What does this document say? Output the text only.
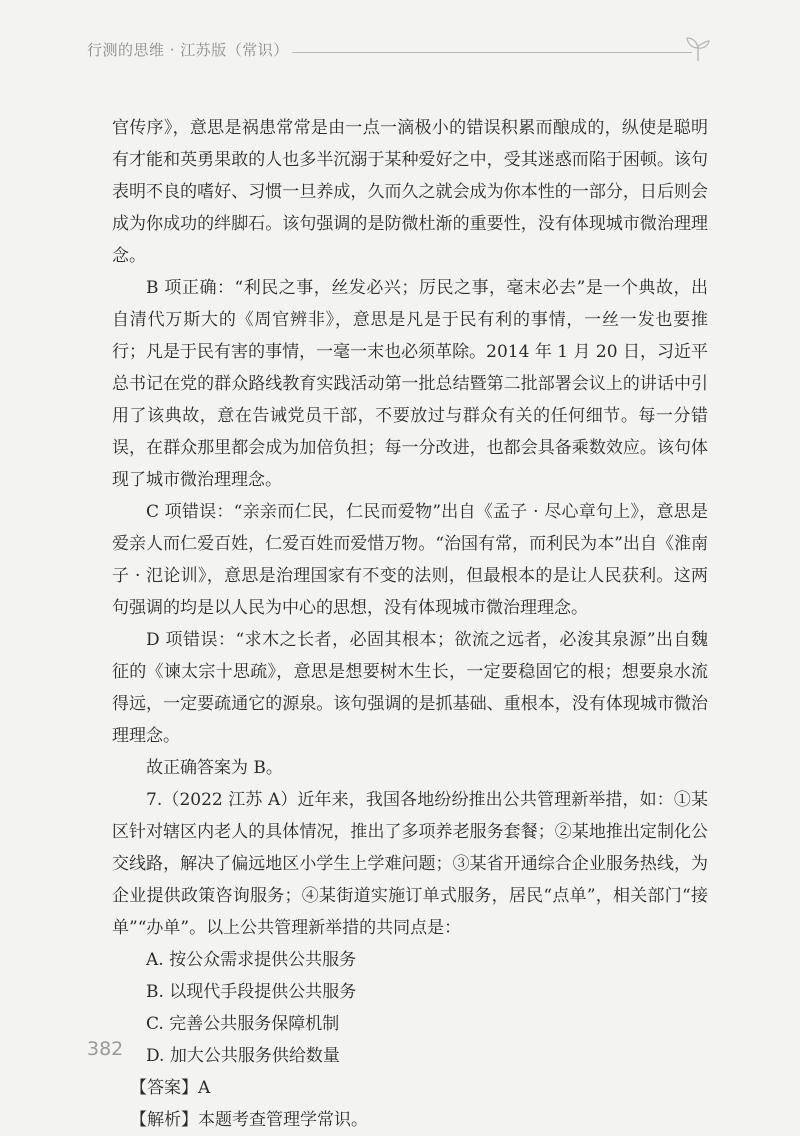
行测的思维 · 江苏版（常识）

官传序》，意思是祸患常常是由一点一滴极小的错误积累而酿成的，纵使是聪明有才能和英勇果敢的人也多半沉溺于某种爱好之中，受其迷惑而陷于困顿。该句表明不良的嗜好、习惯一旦养成，久而久之就会成为你本性的一部分，日后则会成为你成功的绊脚石。该句强调的是防微杜渐的重要性，没有体现城市微治理理念。

B 项正确：“利民之事，丝发必兴；厉民之事，毫末必去”是一个典故，出自清代万斯大的《周官辨非》，意思是凡是于民有利的事情，一丝一发也要推行；凡是于民有害的事情，一毫一末也必须革除。2014 年 1 月 20 日，习近平总书记在党的群众路线教育实践活动第一批总结暨第二批部署会议上的讲话中引用了该典故，意在告诫党员干部，不要放过与群众有关的任何细节。每一分错误，在群众那里都会成为加倍负担；每一分改进，也都会具备乘数效应。该句体现了城市微治理理念。

C 项错误：“亲亲而仁民，仁民而爱物”出自《孟子 · 尽心章句上》，意思是爱亲人而仁爱百姓，仁爱百姓而爱惜万物。“治国有常，而利民为本”出自《淮南子 · 氾论训》，意思是治理国家有不变的法则，但最根本的是让人民获利。这两句强调的均是以人民为中心的思想，没有体现城市微治理理念。

D 项错误：“求木之长者，必固其根本；欲流之远者，必浚其泉源”出自魏征的《谏太宗十思疏》，意思是想要树木生长，一定要稳固它的根；想要泉水流得远，一定要疏通它的源泉。该句强调的是抓基础、重根本，没有体现城市微治理理念。

故正确答案为 B。

7.（2022 江苏 A）近年来，我国各地纷纷推出公共管理新举措，如：①某区针对辖区内老人的具体情况，推出了多项养老服务套餐；②某地推出定制化公交线路，解决了偏远地区小学生上学难问题；③某省开通综合企业服务热线，为企业提供政策咨询服务；④某街道实施订单式服务，居民“点单”，相关部门“接单”“办单”。以上公共管理新举措的共同点是：

A. 按公众需求提供公共服务

B. 以现代手段提供公共服务

C. 完善公共服务保障机制

D. 加大公共服务供给数量

【答案】A

【解析】本题考查管理学常识。

382
